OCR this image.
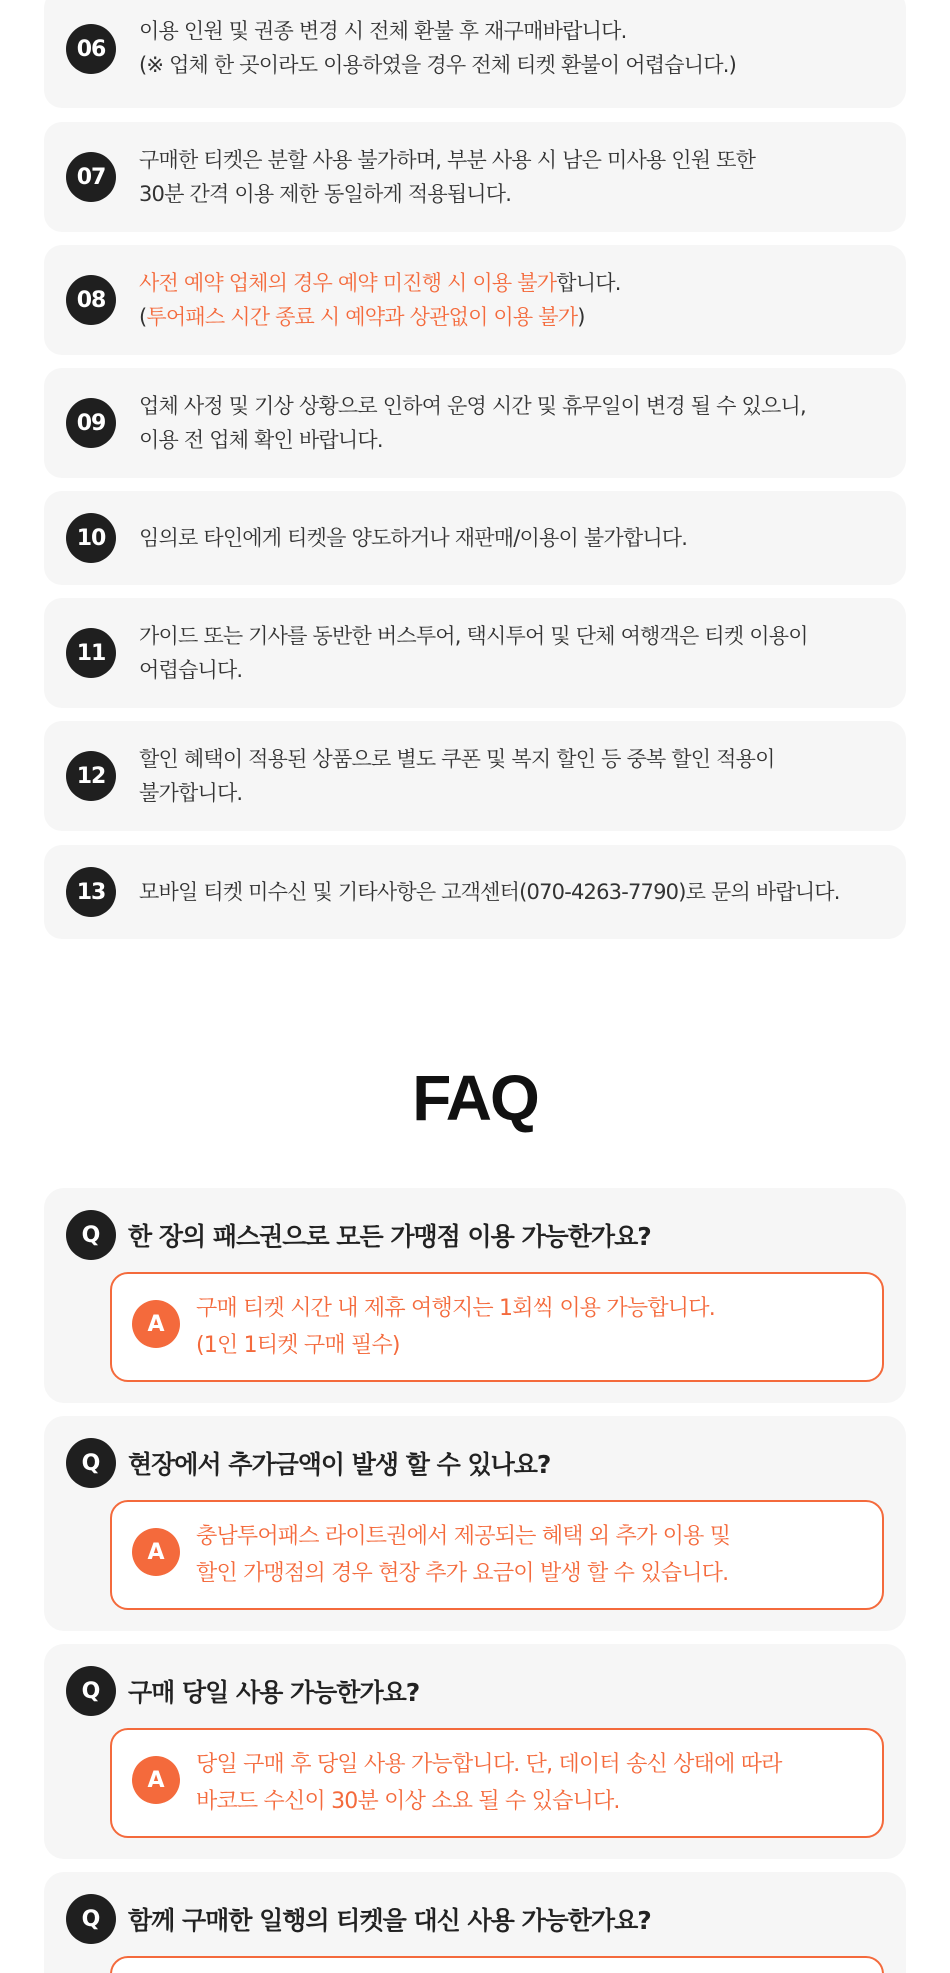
06
이용 인원 및 권종 변경 시 전체 환불 후 재구매바랍니다.
(※ 업체 한 곳이라도 이용하였을 경우 전체 티켓 환불이 어렵습니다.)
07
구매한 티켓은 분할 사용 불가하며, 부분 사용 시 남은 미사용 인원 또한
30분 간격 이용 제한 동일하게 적용됩니다.
08
사전 예약 업체의 경우 예약 미진행 시 이용 불가합니다.
(투어패스 시간 종료 시 예약과 상관없이 이용 불가)
09
업체 사정 및 기상 상황으로 인하여 운영 시간 및 휴무일이 변경 될 수 있으니,
이용 전 업체 확인 바랍니다.
10	임의로 타인에게 티켓을 양도하거나 재판매/이용이 불가합니다.
11
가이드 또는 기사를 동반한 버스투어, 택시투어 및 단체 여행객은 티켓 이용이
어렵습니다.
12
할인 혜택이 적용된 상품으로 별도 쿠폰 및 복지 할인 등 중복 할인 적용이
불가합니다.
13	모바일 티켓 미수신 및 기타사항은 고객센터(070-4263-7790)로 문의 바랍니다.
FAQ
Q	한 장의 패스권으로 모든 가맹점 이용 가능한가요?
A
구매 티켓 시간 내 제휴 여행지는 1회씩 이용 가능합니다.
(1인 1티켓 구매 필수)
Q	현장에서 추가금액이 발생 할 수 있나요?
A
충남투어패스 라이트권에서 제공되는 혜택 외 추가 이용 및
할인 가맹점의 경우 현장 추가 요금이 발생 할 수 있습니다.
Q	구매 당일 사용 가능한가요?
A
당일 구매 후 당일 사용 가능합니다. 단, 데이터 송신 상태에 따라
바코드 수신이 30분 이상 소요 될 수 있습니다.
Q	함께 구매한 일행의 티켓을 대신 사용 가능한가요?
